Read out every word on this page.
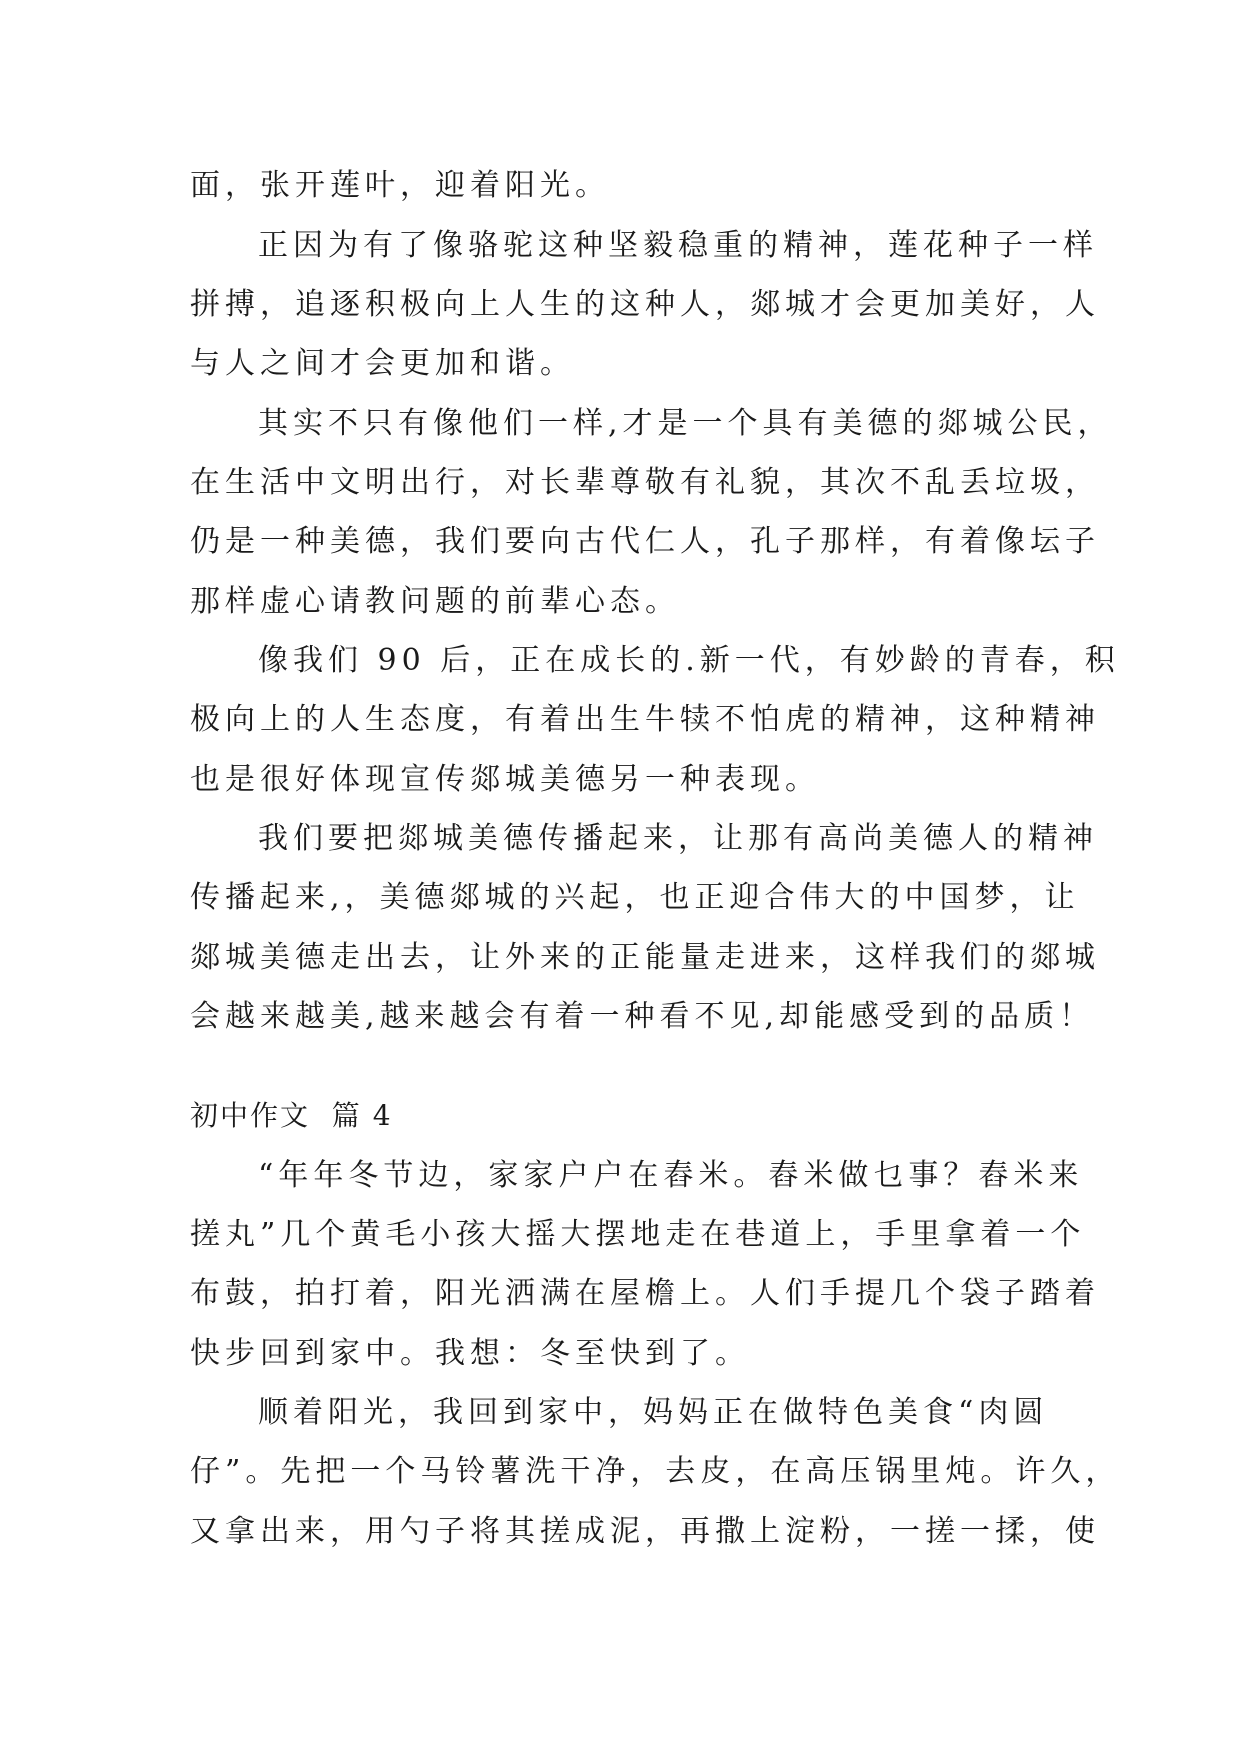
面，张开莲叶，迎着阳光。
正因为有了像骆驼这种坚毅稳重的精神，莲花种子一样
拼搏，追逐积极向上人生的这种人，郯城才会更加美好，人
与人之间才会更加和谐。
其实不只有像他们一样,才是一个具有美德的郯城公民，
在生活中文明出行，对长辈尊敬有礼貌，其次不乱丢垃圾，
仍是一种美德，我们要向古代仁人，孔子那样，有着像坛子
那样虚心请教问题的前辈心态。
像我们 90 后，正在成长的.新一代，有妙龄的青春，积
极向上的人生态度，有着出生牛犊不怕虎的精神，这种精神
也是很好体现宣传郯城美德另一种表现。
我们要把郯城美德传播起来，让那有高尚美德人的精神
传播起来,，美德郯城的兴起，也正迎合伟大的中国梦，让
郯城美德走出去，让外来的正能量走进来，这样我们的郯城
会越来越美,越来越会有着一种看不见,却能感受到的品质！
初中作文  篇 4
“年年冬节边，家家户户在舂米。舂米做乜事？舂米来
搓丸”几个黄毛小孩大摇大摆地走在巷道上，手里拿着一个
布鼓，拍打着，阳光洒满在屋檐上。人们手提几个袋子踏着
快步回到家中。我想：冬至快到了。
顺着阳光，我回到家中，妈妈正在做特色美食“肉圆
仔”。先把一个马铃薯洗干净，去皮，在高压锅里炖。许久，
又拿出来，用勺子将其搓成泥，再撒上淀粉，一搓一揉，使
